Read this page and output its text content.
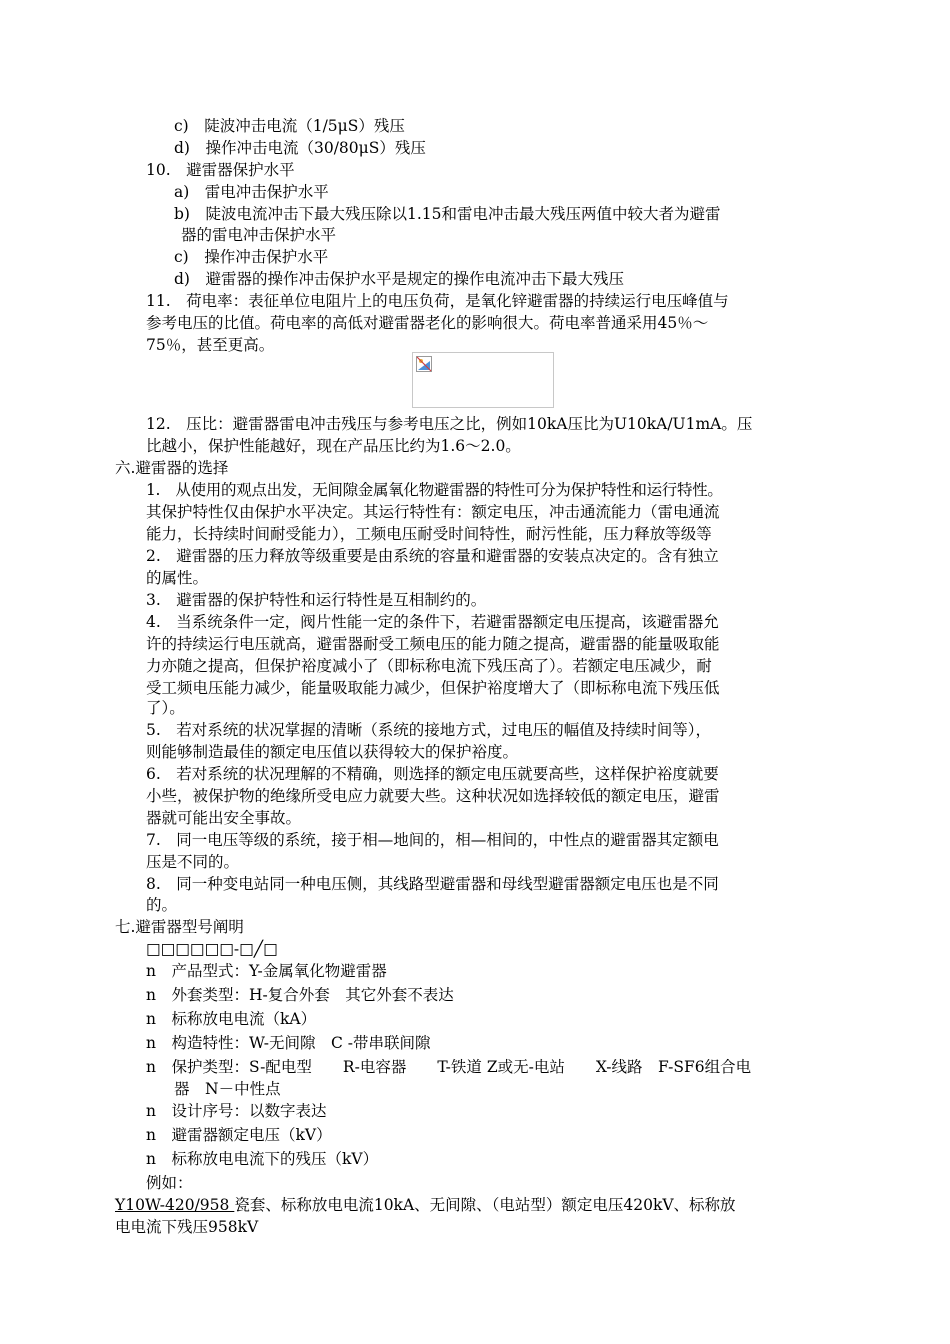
c)　陡波冲击电流（1/5μS）残压
d)　操作冲击电流（30/80μS）残压
10.　避雷器保护水平
a)　雷电冲击保护水平
b)　陡波电流冲击下最大残压除以1.15和雷电冲击最大残压两值中较大者为避雷
器的雷电冲击保护水平
c)　操作冲击保护水平
d)　避雷器的操作冲击保护水平是规定的操作电流冲击下最大残压
11.　荷电率：表征单位电阻片上的电压负荷，是氧化锌避雷器的持续运行电压峰值与
参考电压的比值。荷电率的高低对避雷器老化的影响很大。荷电率普通采用45％～
75％，甚至更高。
12.　压比：避雷器雷电冲击残压与参考电压之比，例如10kA压比为U10kA/U1mA。压
比越小，保护性能越好，现在产品压比约为1.6～2.0。
六.避雷器的选择
1.　从使用的观点出发，无间隙金属氧化物避雷器的特性可分为保护特性和运行特性。
其保护特性仅由保护水平决定。其运行特性有：额定电压，冲击通流能力（雷电通流
能力，长持续时间耐受能力），工频电压耐受时间特性，耐污性能，压力释放等级等
2.　避雷器的压力释放等级重要是由系统的容量和避雷器的安装点决定的。含有独立
的属性。
3.　避雷器的保护特性和运行特性是互相制约的。
4.　当系统条件一定，阀片性能一定的条件下，若避雷器额定电压提高，该避雷器允
许的持续运行电压就高，避雷器耐受工频电压的能力随之提高，避雷器的能量吸取能
力亦随之提高，但保护裕度减小了（即标称电流下残压高了）。若额定电压减少，耐
受工频电压能力减少，能量吸取能力减少，但保护裕度增大了（即标称电流下残压低
了）。
5.　若对系统的状况掌握的清晰（系统的接地方式，过电压的幅值及持续时间等），
则能够制造最佳的额定电压值以获得较大的保护裕度。
6.　若对系统的状况理解的不精确，则选择的额定电压就要高些，这样保护裕度就要
小些，被保护物的绝缘所受电应力就要大些。这种状况如选择较低的额定电压，避雷
器就可能出安全事故。
7.　同一电压等级的系统，接于相—地间的，相—相间的，中性点的避雷器其定额电
压是不同的。
8.　同一种变电站同一种电压侧，其线路型避雷器和母线型避雷器额定电压也是不同
的。
七.避雷器型号阐明
□□□□□□-□╱□
n　产品型式：Y-金属氧化物避雷器
n　外套类型：H-复合外套　其它外套不表达
n　标称放电电流（kA）
n　构造特性：W-无间隙　C -带串联间隙
n　保护类型：S-配电型　　R-电容器　　T-铁道 Z或无-电站　　X-线路　F-SF6组合电
器　N－中性点
n　设计序号：以数字表达
n　避雷器额定电压（kV）
n　标称放电电流下的残压（kV）
例如：
Y10W-420/958 瓷套、标称放电电流10kA、无间隙、（电站型）额定电压420kV、标称放
电电流下残压958kV
